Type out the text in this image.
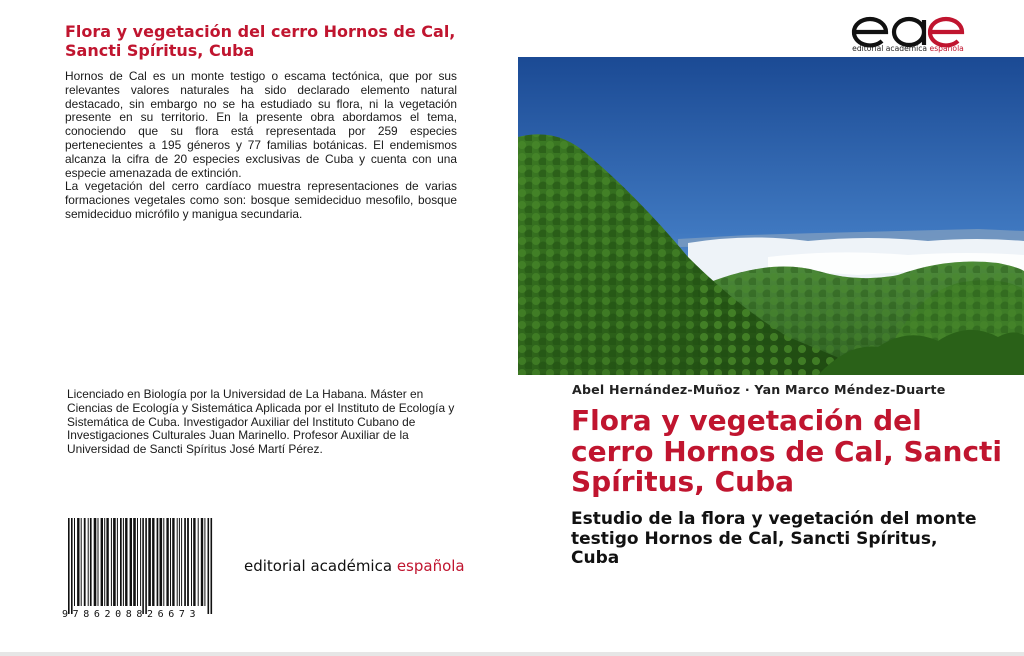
Flora y vegetación del cerro Hornos de Cal, Sancti Spíritus, Cuba

Hornos de Cal es un monte testigo o escama tectónica, que por sus relevantes valores naturales ha sido declarado elemento natural destacado, sin embargo no se ha estudiado su flora, ni la vegetación presente en su territorio. En la presente obra abordamos el tema, conociendo que su flora está representada por 259 especies pertenecientes a 195 géneros y 77 familias botánicas. El endemismos alcanza la cifra de 20 especies exclusivas de Cuba y cuenta con una especie amenazada de extinción.

La vegetación del cerro cardíaco muestra representaciones de varias formaciones vegetales como son: bosque semideciduo mesofilo, bosque semideciduo micrófilo y manigua secundaria.

Licenciado en Biología por la Universidad de La Habana. Máster en Ciencias de Ecología y Sistemática Aplicada por el Instituto de Ecología y Sistemática de Cuba. Investigador Auxiliar del Instituto Cubano de Investigaciones Culturales Juan Marinello. Profesor Auxiliar de la Universidad de Sancti Spíritus José Martí Pérez.
9786208826673
editorial académica española
editorial académica española
Abel Hernández-Muñoz · Yan Marco Méndez-Duarte
Flora y vegetación del cerro Hornos de Cal, Sancti Spíritus, Cuba
Estudio de la flora y vegetación del monte testigo Hornos de Cal, Sancti Spíritus, Cuba
